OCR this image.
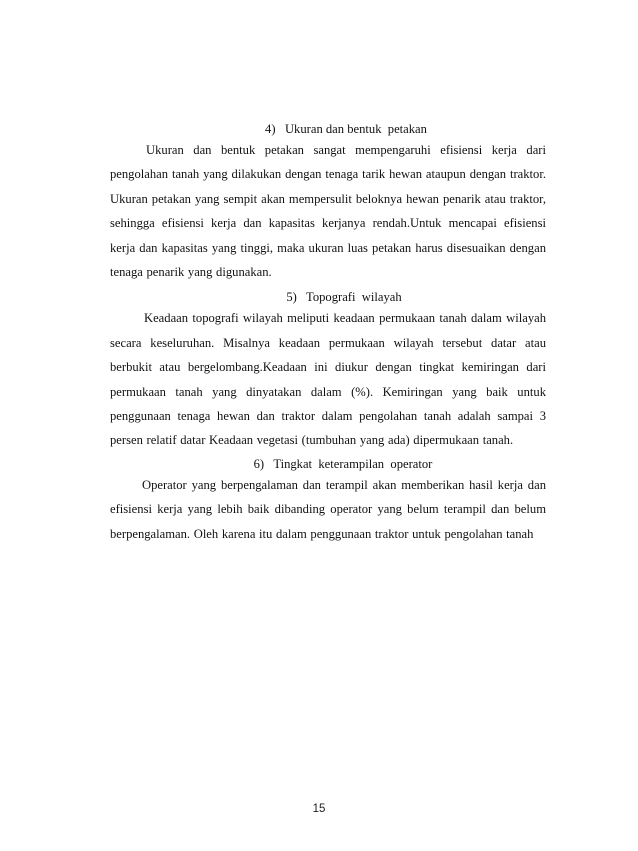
4)   Ukuran dan bentuk  petakan

Ukuran dan bentuk petakan sangat mempengaruhi efisiensi kerja dari pengolahan tanah yang dilakukan dengan tenaga tarik hewan ataupun dengan traktor. Ukuran petakan yang sempit akan mempersulit beloknya hewan penarik atau traktor, sehingga efisiensi kerja dan kapasitas kerjanya rendah.Untuk mencapai efisiensi kerja dan kapasitas yang tinggi, maka ukuran luas petakan harus disesuaikan dengan tenaga penarik yang digunakan.

5)   Topografi  wilayah

Keadaan topografi wilayah meliputi keadaan permukaan tanah dalam wilayah secara keseluruhan. Misalnya keadaan permukaan wilayah tersebut datar atau berbukit atau bergelombang.Keadaan ini diukur dengan tingkat kemiringan dari permukaan tanah yang dinyatakan dalam (%). Kemiringan yang baik untuk penggunaan tenaga hewan dan traktor dalam pengolahan tanah adalah sampai 3 persen relatif datar Keadaan vegetasi (tumbuhan yang ada) dipermukaan tanah.

6)   Tingkat  keterampilan  operator

Operator yang berpengalaman dan terampil akan memberikan hasil kerja dan efisiensi kerja yang lebih baik dibanding operator yang belum terampil dan belum berpengalaman. Oleh karena itu dalam penggunaan traktor untuk pengolahan tanah

15
